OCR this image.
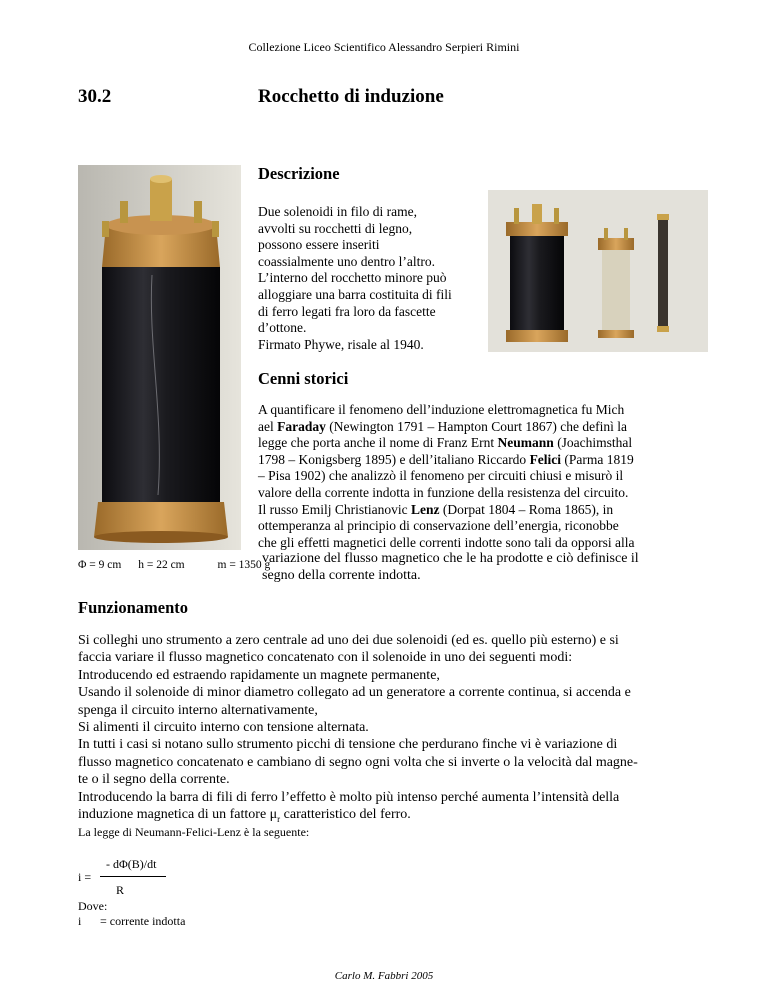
Collezione Liceo Scientifico Alessandro Serpieri Rimini
30.2	Rocchetto di induzione
Descrizione
Due solenoidi in filo di rame,
avvolti su rocchetti di legno,
possono essere inseriti
coassialmente uno dentro l’altro.
L’interno del rocchetto minore può
alloggiare una barra costituita di fili
di ferro legati fra loro da fascette
d’ottone.
Firmato Phywe, risale al 1940.
Cenni storici
A quantificare il fenomeno dell’induzione elettromagnetica fu Mich
ael Faraday (Newington 1791 – Hampton Court 1867) che definì la
legge che porta anche il nome di Franz Ernt Neumann (Joachimsthal
1798 – Konigsberg 1895) e dell’italiano Riccardo Felici (Parma 1819
– Pisa 1902) che analizzò il fenomeno per circuiti chiusi e misurò il
valore della corrente indotta in funzione della resistenza del circuito.
Il russo Emilj Christianovic Lenz (Dorpat 1804 – Roma 1865), in
ottemperanza al principio di conservazione dell’energia, riconobbe
che gli effetti magnetici delle correnti indotte sono tali da opporsi alla
variazione del flusso magnetico che le ha prodotte e ciò definisce il
segno della corrente indotta.
Φ = 9 cm h = 22 cm	m = 1350 g
Funzionamento
Si colleghi uno strumento a zero centrale ad uno dei due solenoidi (ed es. quello più esterno) e si
faccia variare il flusso magnetico concatenato con il solenoide in uno dei seguenti modi:
Introducendo ed estraendo rapidamente un magnete permanente,
Usando il solenoide di minor diametro collegato ad un generatore a corrente continua, si accenda e
spenga il circuito interno alternativamente,
Si alimenti il circuito interno con tensione alternata.
In tutti i casi si notano sullo strumento picchi di tensione che perdurano finche vi è variazione di
flusso magnetico concatenato e cambiano di segno ogni volta che si inverte o la velocità dal magne-
te o il segno della corrente.
Introducendo la barra di fili di ferro l’effetto è molto più intenso perché aumenta l’intensità della
induzione magnetica di un fattore $\mu_r$ caratteristico del ferro.
La legge di Neumann-Felici-Lenz è la seguente:
i =
- dΦ(B)/dt
R
Dove:
i = corrente indotta
Carlo M. Fabbri 2005
